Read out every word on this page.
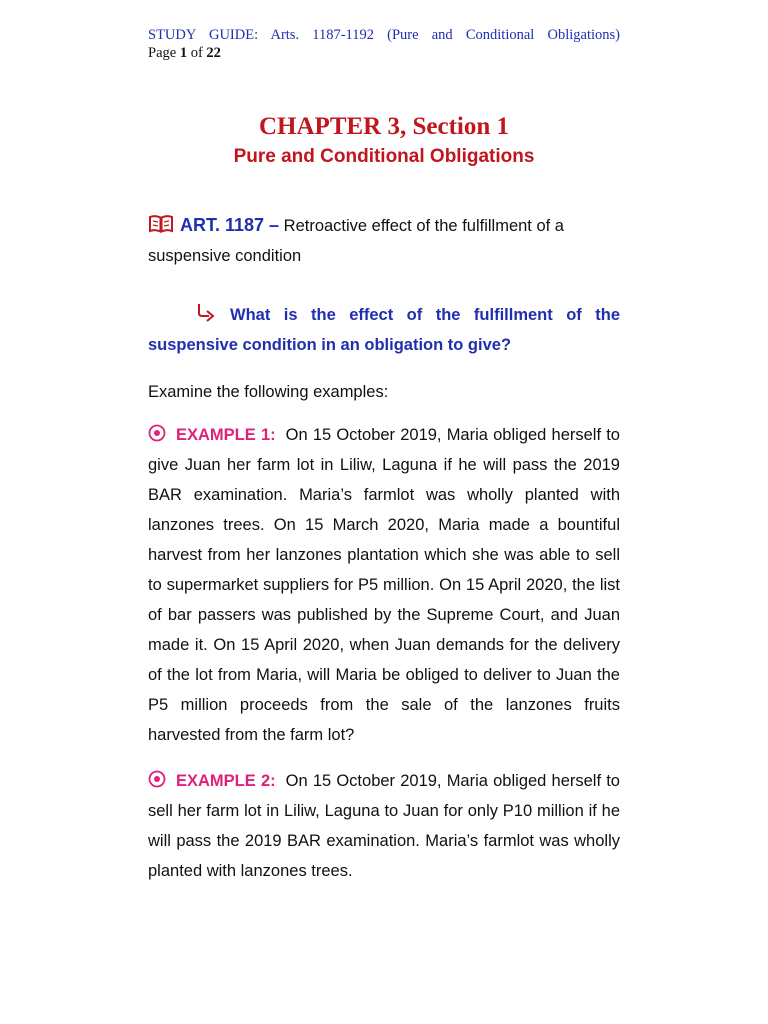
STUDY GUIDE: Arts. 1187-1192 (Pure and Conditional Obligations)
Page 1 of 22
CHAPTER 3, Section 1
Pure and Conditional Obligations
ART. 1187 – Retroactive effect of the fulfillment of a suspensive condition
What is the effect of the fulfillment of the suspensive condition in an obligation to give?
Examine the following examples:
EXAMPLE 1: On 15 October 2019, Maria obliged herself to give Juan her farm lot in Liliw, Laguna if he will pass the 2019 BAR examination. Maria’s farmlot was wholly planted with lanzones trees. On 15 March 2020, Maria made a bountiful harvest from her lanzones plantation which she was able to sell to supermarket suppliers for P5 million. On 15 April 2020, the list of bar passers was published by the Supreme Court, and Juan made it. On 15 April 2020, when Juan demands for the delivery of the lot from Maria, will Maria be obliged to deliver to Juan the P5 million proceeds from the sale of the lanzones fruits harvested from the farm lot?
EXAMPLE 2: On 15 October 2019, Maria obliged herself to sell her farm lot in Liliw, Laguna to Juan for only P10 million if he will pass the 2019 BAR examination. Maria’s farmlot was wholly planted with lanzones trees.
